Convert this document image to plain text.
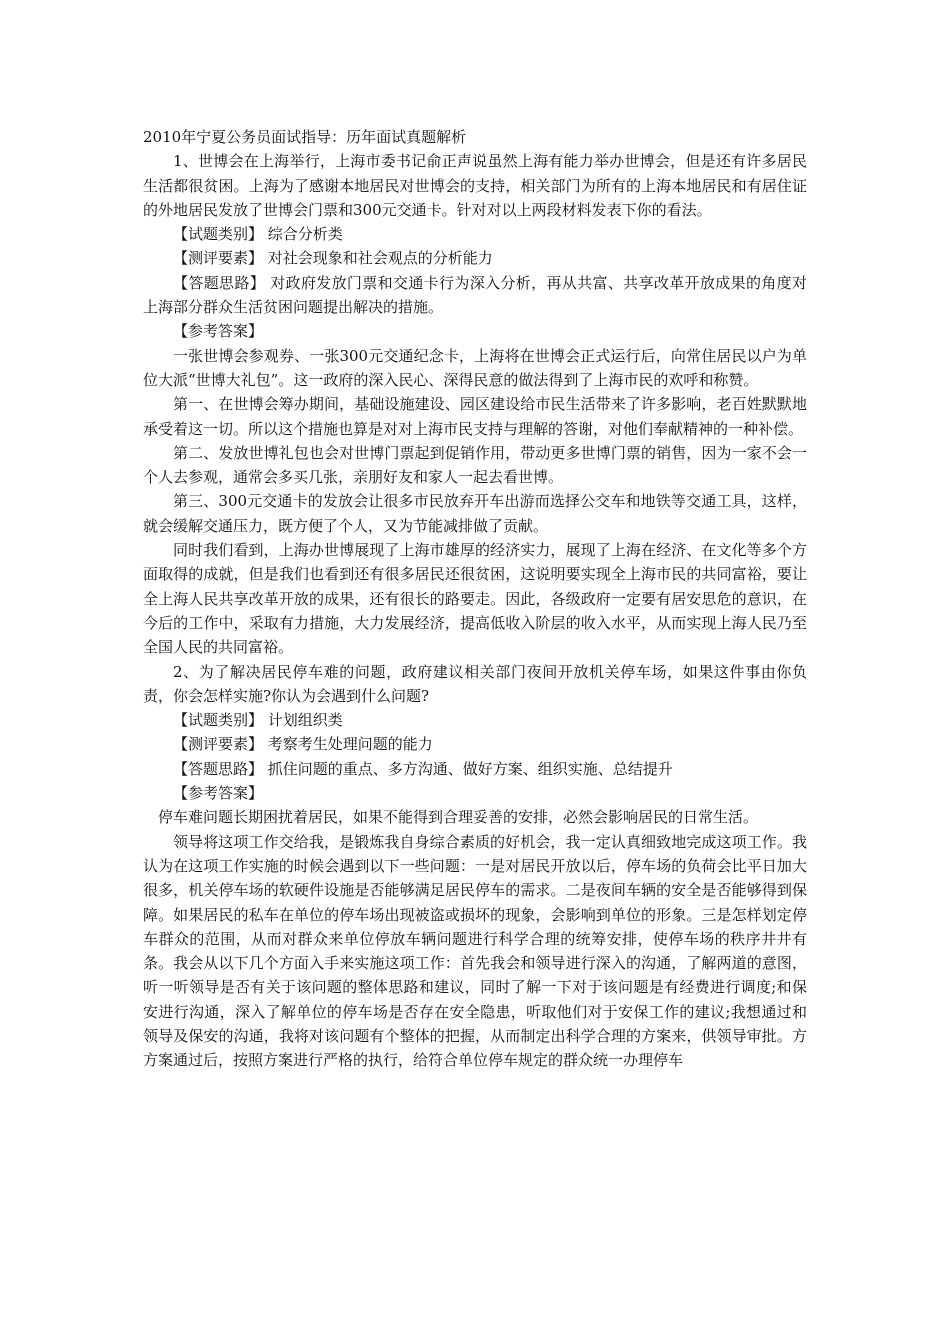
2010年宁夏公务员面试指导：历年面试真题解析

1、世博会在上海举行，上海市委书记俞正声说虽然上海有能力举办世博会，但是还有许多居民生活都很贫困。上海为了感谢本地居民对世博会的支持，相关部门为所有的上海本地居民和有居住证的外地居民发放了世博会门票和300元交通卡。针对对以上两段材料发表下你的看法。

【试题类别】 综合分析类

【测评要素】 对社会现象和社会观点的分析能力

【答题思路】 对政府发放门票和交通卡行为深入分析，再从共富、共享改革开放成果的角度对上海部分群众生活贫困问题提出解决的措施。

【参考答案】

一张世博会参观券、一张300元交通纪念卡，上海将在世博会正式运行后，向常住居民以户为单位大派“世博大礼包”。这一政府的深入民心、深得民意的做法得到了上海市民的欢呼和称赞。

第一、在世博会筹办期间，基础设施建设、园区建设给市民生活带来了许多影响，老百姓默默地承受着这一切。所以这个措施也算是对对上海市民支持与理解的答谢，对他们奉献精神的一种补偿。

第二、发放世博礼包也会对世博门票起到促销作用，带动更多世博门票的销售，因为一家不会一个人去参观，通常会多买几张，亲朋好友和家人一起去看世博。

第三、300元交通卡的发放会让很多市民放弃开车出游而选择公交车和地铁等交通工具，这样，就会缓解交通压力，既方便了个人，又为节能减排做了贡献。

同时我们看到，上海办世博展现了上海市雄厚的经济实力，展现了上海在经济、在文化等多个方面取得的成就，但是我们也看到还有很多居民还很贫困，这说明要实现全上海市民的共同富裕，要让全上海人民共享改革开放的成果，还有很长的路要走。因此，各级政府一定要有居安思危的意识，在今后的工作中，采取有力措施，大力发展经济，提高低收入阶层的收入水平，从而实现上海人民乃至全国人民的共同富裕。

2、为了解决居民停车难的问题，政府建议相关部门夜间开放机关停车场，如果这件事由你负责，你会怎样实施?你认为会遇到什么问题?

【试题类别】 计划组织类

【测评要素】 考察考生处理问题的能力

【答题思路】 抓住问题的重点、多方沟通、做好方案、组织实施、总结提升

【参考答案】

停车难问题长期困扰着居民，如果不能得到合理妥善的安排，必然会影响居民的日常生活。

领导将这项工作交给我，是锻炼我自身综合素质的好机会，我一定认真细致地完成这项工作。我认为在这项工作实施的时候会遇到以下一些问题：一是对居民开放以后，停车场的负荷会比平日加大很多，机关停车场的软硬件设施是否能够满足居民停车的需求。二是夜间车辆的安全是否能够得到保障。如果居民的私车在单位的停车场出现被盗或损坏的现象，会影响到单位的形象。三是怎样划定停车群众的范围，从而对群众来单位停放车辆问题进行科学合理的统筹安排，使停车场的秩序井井有条。我会从以下几个方面入手来实施这项工作：首先我会和领导进行深入的沟通，了解两道的意图，听一听领导是否有关于该问题的整体思路和建议，同时了解一下对于该问题是有经费进行调度;和保安进行沟通，深入了解单位的停车场是否存在安全隐患，听取他们对于安保工作的建议;我想通过和领导及保安的沟通，我将对该问题有个整体的把握，从而制定出科学合理的方案来，供领导审批。方方案通过后，按照方案进行严格的执行，给符合单位停车规定的群众统一办理停车
